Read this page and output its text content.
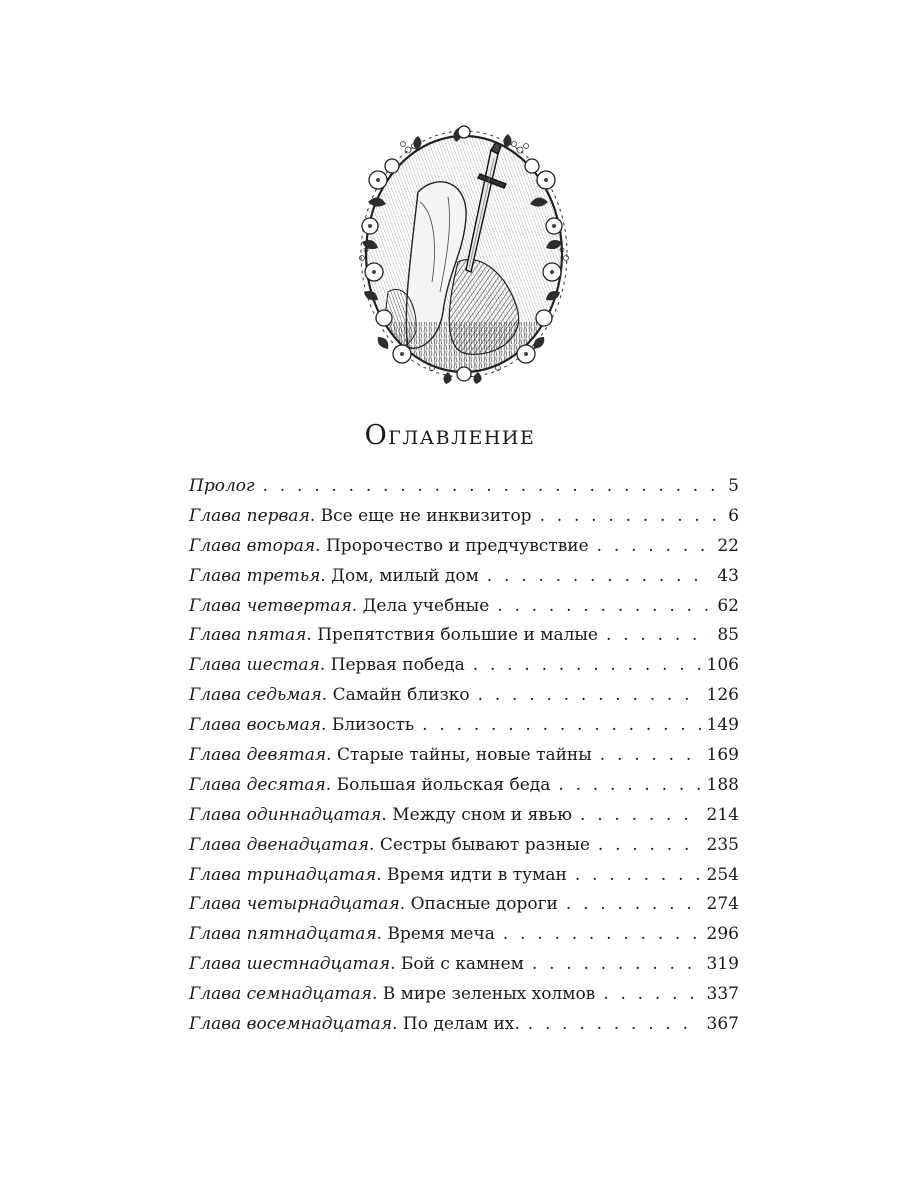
Оглавление
Пролог . . .	5
Глава первая. Все еще не инквизитор . . .	6
Глава вторая. Пророчество и предчувствие . . .	22
Глава третья. Дом, милый дом . . .	43
Глава четвертая. Дела учебные . . .	62
Глава пятая. Препятствия большие и малые . . .	85
Глава шестая. Первая победа . . .	106
Глава седьмая. Самайн близко . . .	126
Глава восьмая. Близость . . .	149
Глава девятая. Старые тайны, новые тайны . . .	169
Глава десятая. Большая йольская беда . . .	188
Глава одиннадцатая. Между сном и явью . . .	214
Глава двенадцатая. Сестры бывают разные . . .	235
Глава тринадцатая. Время идти в туман . . .	254
Глава четырнадцатая. Опасные дороги . . .	274
Глава пятнадцатая. Время меча . . .	296
Глава шестнадцатая. Бой с камнем . . .	319
Глава семнадцатая. В мире зеленых холмов . . .	337
Глава восемнадцатая. По делам их. . . .	367
